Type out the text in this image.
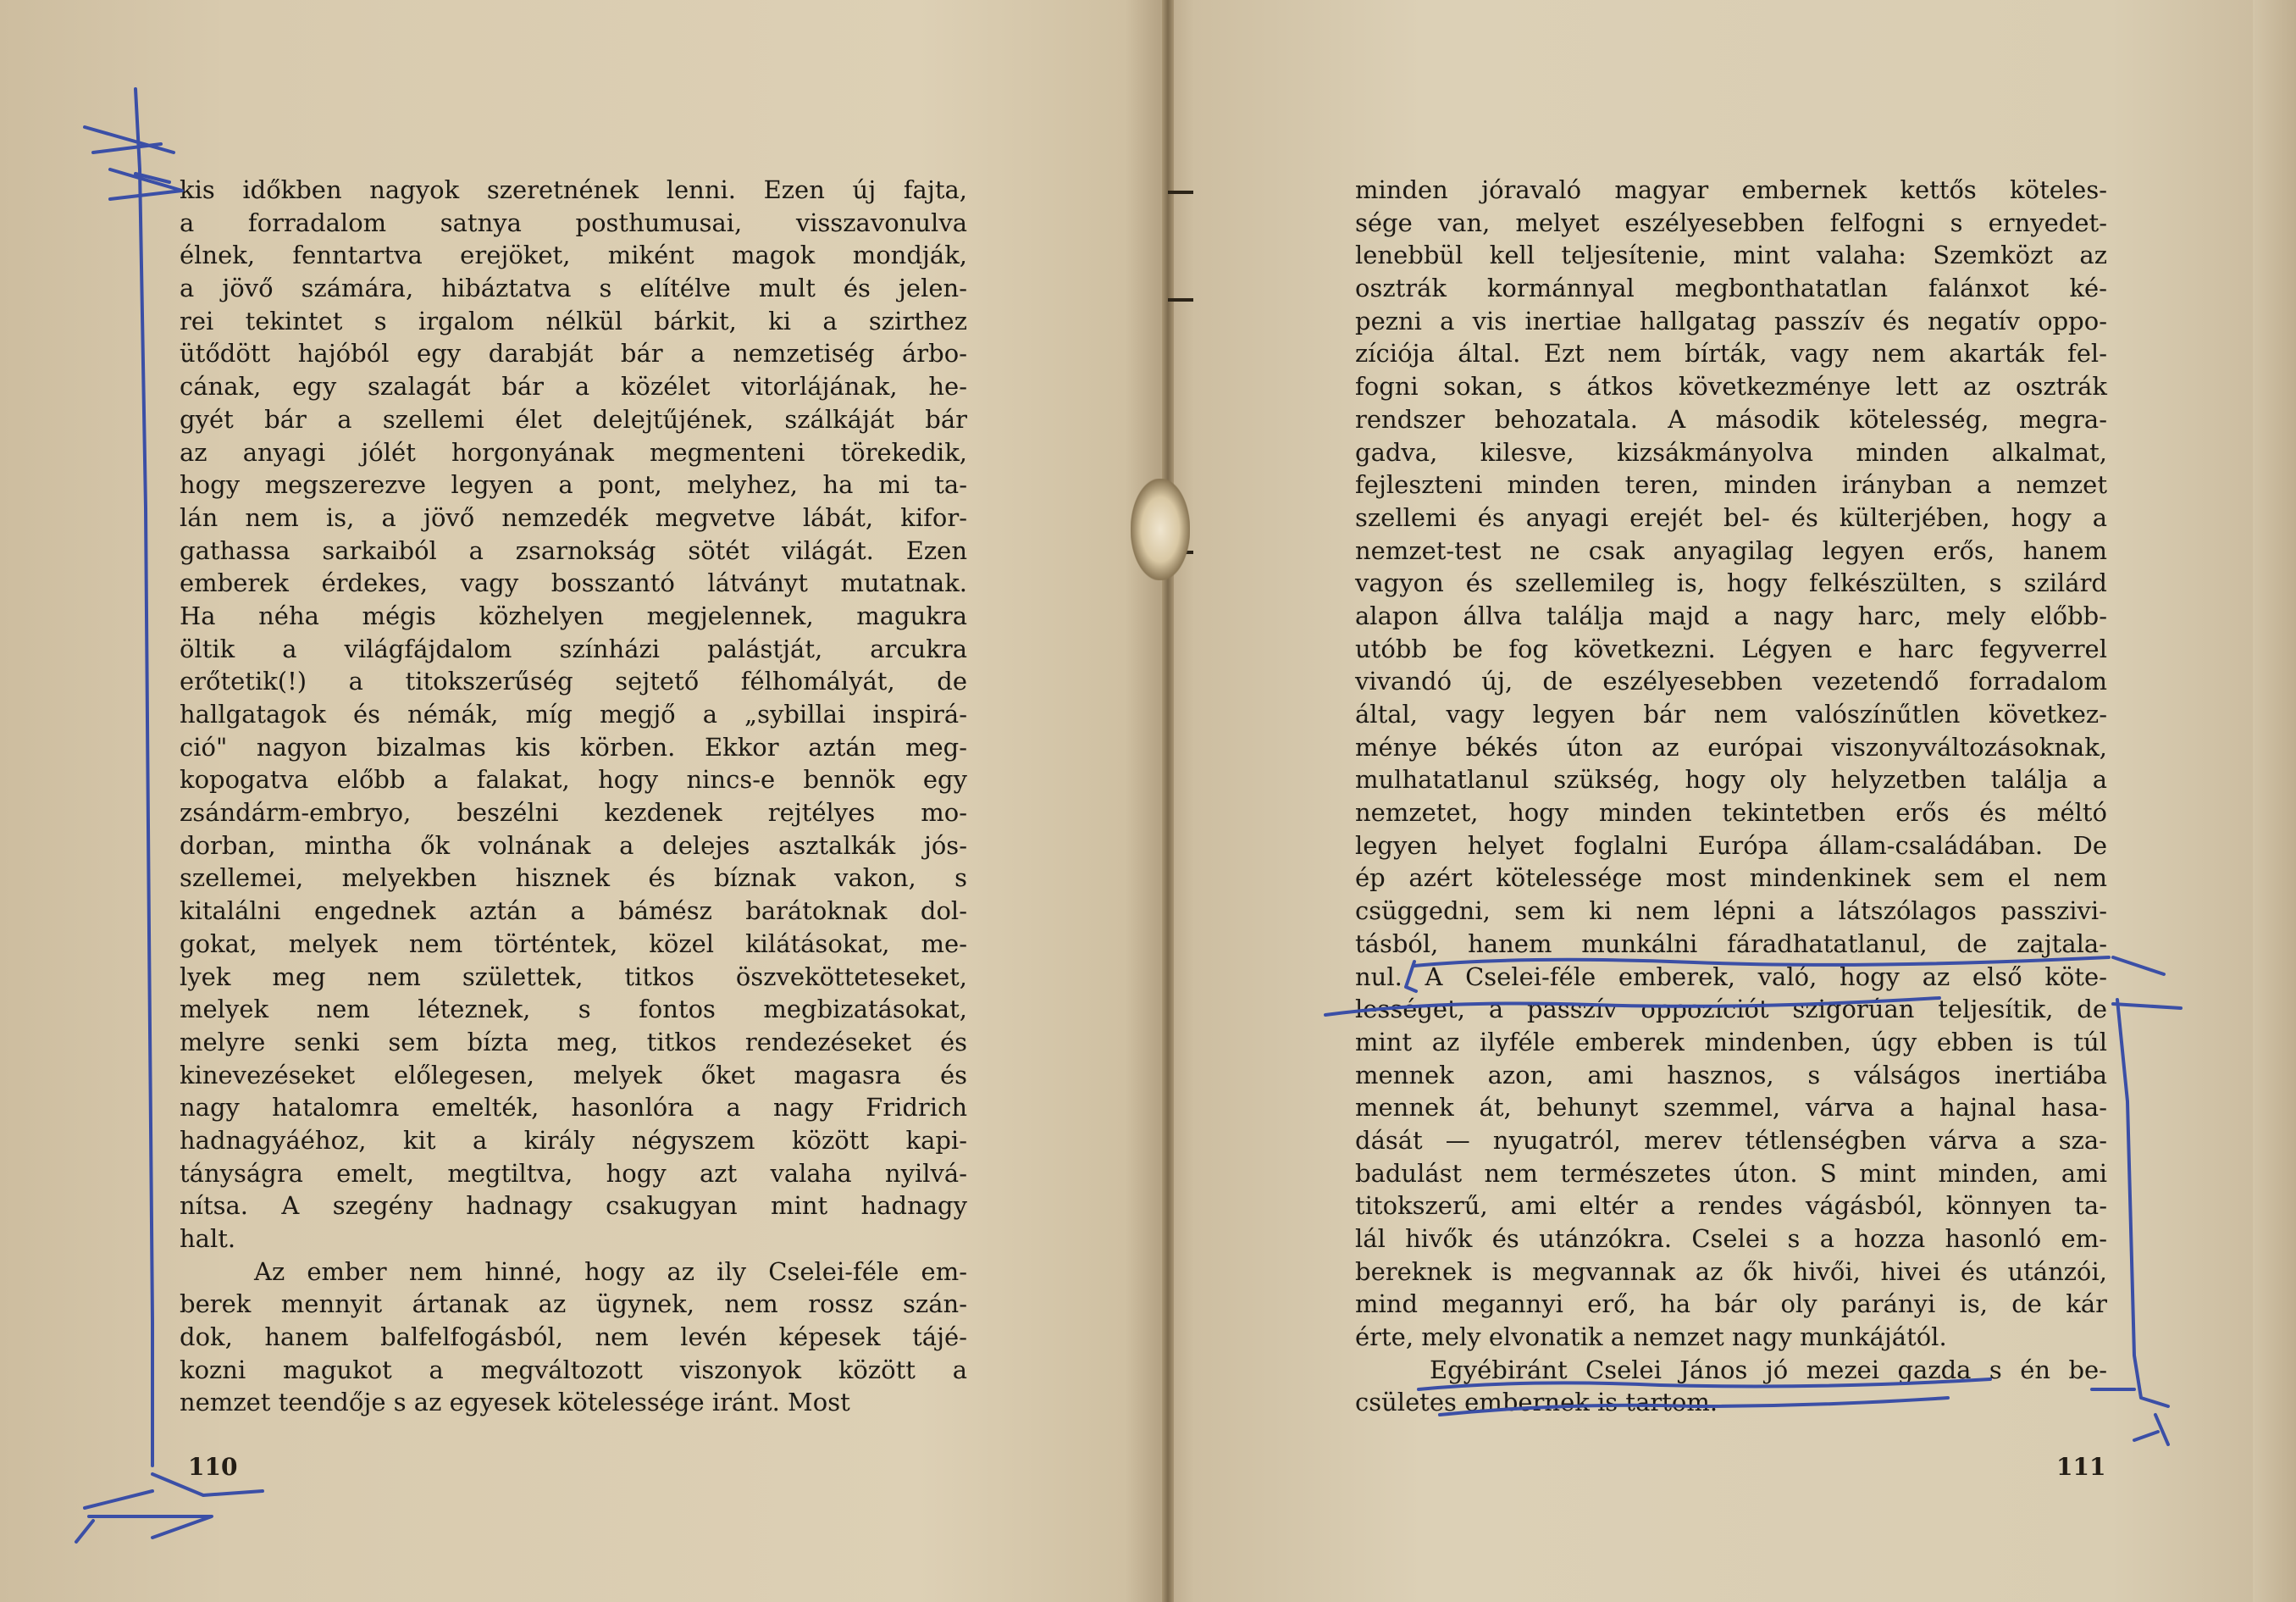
kis időkben nagyok szeretnének lenni. Ezen új fajta,
a forradalom satnya posthumusai, visszavonulva
élnek, fenntartva erejöket, miként magok mondják,
a jövő számára, hibáztatva s elítélve mult és jelen-
rei tekintet s irgalom nélkül bárkit, ki a szirthez
ütődött hajóból egy darabját bár a nemzetiség árbo-
cának, egy szalagát bár a közélet vitorlájának, he-
gyét bár a szellemi élet delejtűjének, szálkáját bár
az anyagi jólét horgonyának megmenteni törekedik,
hogy megszerezve legyen a pont, melyhez, ha mi ta-
lán nem is, a jövő nemzedék megvetve lábát, kifor-
gathassa sarkaiból a zsarnokság sötét világát. Ezen
emberek érdekes, vagy bosszantó látványt mutatnak.
Ha néha mégis közhelyen megjelennek, magukra
öltik a világfájdalom színházi palástját, arcukra
erőtetik(!) a titokszerűség sejtető félhomályát, de
hallgatagok és némák, míg megjő a „sybillai inspirá-
ció" nagyon bizalmas kis körben. Ekkor aztán meg-
kopogatva előbb a falakat, hogy nincs-e bennök egy
zsándárm-embryo, beszélni kezdenek rejtélyes mo-
dorban, mintha ők volnának a delejes asztalkák jós-
szellemei, melyekben hisznek és bíznak vakon, s
kitalálni engednek aztán a bámész barátoknak dol-
gokat, melyek nem történtek, közel kilátásokat, me-
lyek meg nem születtek, titkos öszvekötteteseket,
melyek nem léteznek, s fontos megbizatásokat,
melyre senki sem bízta meg, titkos rendezéseket és
kinevezéseket előlegesen, melyek őket magasra és
nagy hatalomra emelték, hasonlóra a nagy Fridrich
hadnagyáéhoz, kit a király négyszem között kapi-
tányságra emelt, megtiltva, hogy azt valaha nyilvá-
nítsa. A szegény hadnagy csakugyan mint hadnagy
halt.
Az ember nem hinné, hogy az ily Cselei-féle em-
berek mennyit ártanak az ügynek, nem rossz szán-
dok, hanem balfelfogásból, nem levén képesek tájé-
kozni magukot a megváltozott viszonyok között a
nemzet teendője s az egyesek kötelessége iránt. Most
110
minden jóravaló magyar embernek kettős köteles-
sége van, melyet eszélyesebben felfogni s ernyedet-
lenebbül kell teljesítenie, mint valaha: Szemközt az
osztrák kormánnyal megbonthatatlan falánxot ké-
pezni a vis inertiae hallgatag passzív és negatív oppo-
zíciója által. Ezt nem bírták, vagy nem akarták fel-
fogni sokan, s átkos következménye lett az osztrák
rendszer behozatala. A második kötelesség, megra-
gadva, kilesve, kizsákmányolva minden alkalmat,
fejleszteni minden teren, minden irányban a nemzet
szellemi és anyagi erejét bel- és külterjében, hogy a
nemzet-test ne csak anyagilag legyen erős, hanem
vagyon és szellemileg is, hogy felkészülten, s szilárd
alapon állva találja majd a nagy harc, mely előbb-
utóbb be fog következni. Légyen e harc fegyverrel
vivandó új, de eszélyesebben vezetendő forradalom
által, vagy legyen bár nem valószínűtlen következ-
ménye békés úton az európai viszonyváltozásoknak,
mulhatatlanul szükség, hogy oly helyzetben találja a
nemzetet, hogy minden tekintetben erős és méltó
legyen helyet foglalni Európa állam-családában. De
ép azért kötelessége most mindenkinek sem el nem
csüggedni, sem ki nem lépni a látszólagos passzivi-
tásból, hanem munkálni fáradhatatlanul, de zajtala-
nul. A Cselei-féle emberek, való, hogy az első köte-
lességet, a passzív oppozíciót szigorúan teljesítik, de
mint az ilyféle emberek mindenben, úgy ebben is túl
mennek azon, ami hasznos, s válságos inertiába
mennek át, behunyt szemmel, várva a hajnal hasa-
dását — nyugatról, merev tétlenségben várva a sza-
badulást nem természetes úton. S mint minden, ami
titokszerű, ami eltér a rendes vágásból, könnyen ta-
lál hivők és utánzókra. Cselei s a hozza hasonló em-
bereknek is megvannak az ők hivői, hivei és utánzói,
mind megannyi erő, ha bár oly parányi is, de kár
érte, mely elvonatik a nemzet nagy munkájától.
Egyébiránt Cselei János jó mezei gazda s én be-
csületes embernek is tartom.
111
